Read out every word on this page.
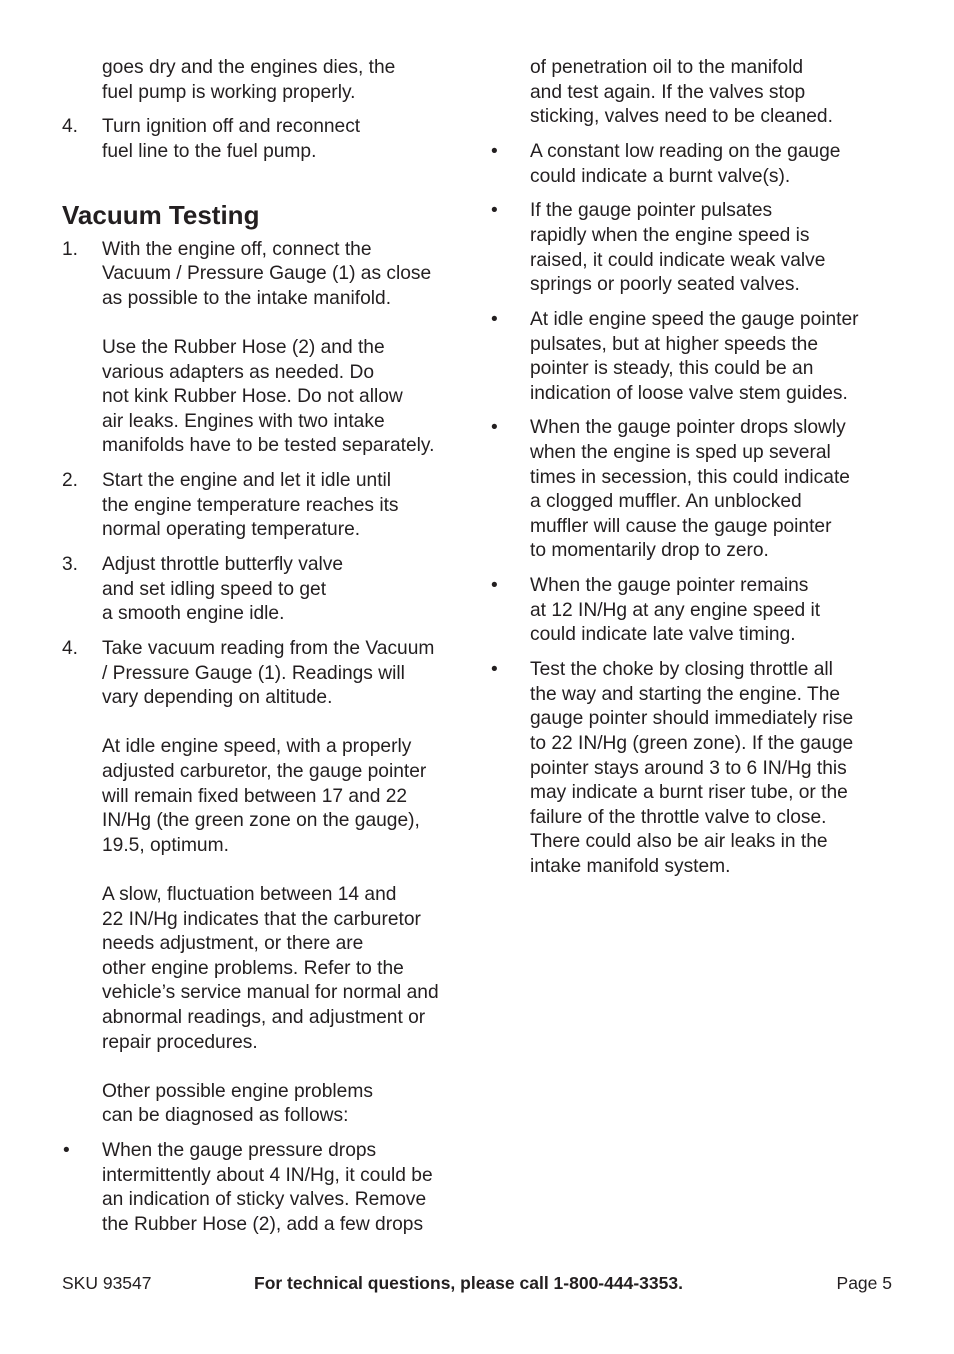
goes dry and the engines dies, the
fuel pump is working properly.
4. Turn ignition off and reconnect
fuel line to the fuel pump.
Vacuum Testing
1. With the engine off, connect the
Vacuum / Pressure Gauge (1) as close
as possible to the intake manifold.
Use the Rubber Hose (2) and the
various adapters as needed. Do
not kink Rubber Hose. Do not allow
air leaks. Engines with two intake
manifolds have to be tested separately.
2. Start the engine and let it idle until
the engine temperature reaches its
normal operating temperature.
3. Adjust throttle butterfly valve
and set idling speed to get
a smooth engine idle.
4. Take vacuum reading from the Vacuum
/ Pressure Gauge (1). Readings will
vary depending on altitude.
At idle engine speed, with a properly
adjusted carburetor, the gauge pointer
will remain fixed between 17 and 22
IN/Hg (the green zone on the gauge),
19.5, optimum.
A slow, fluctuation between 14 and
22 IN/Hg indicates that the carburetor
needs adjustment, or there are
other engine problems. Refer to the
vehicle’s service manual for normal and
abnormal readings, and adjustment or
repair procedures.
Other possible engine problems
can be diagnosed as follows:
• When the gauge pressure drops
intermittently about 4 IN/Hg, it could be
an indication of sticky valves. Remove
the Rubber Hose (2), add a few drops
of penetration oil to the manifold
and test again. If the valves stop
sticking, valves need to be cleaned.
• A constant low reading on the gauge
could indicate a burnt valve(s).
• If the gauge pointer pulsates
rapidly when the engine speed is
raised, it could indicate weak valve
springs or poorly seated valves.
• At idle engine speed the gauge pointer
pulsates, but at higher speeds the
pointer is steady, this could be an
indication of loose valve stem guides.
• When the gauge pointer drops slowly
when the engine is sped up several
times in secession, this could indicate
a clogged muffler. An unblocked
muffler will cause the gauge pointer
to momentarily drop to zero.
• When the gauge pointer remains
at 12 IN/Hg at any engine speed it
could indicate late valve timing.
• Test the choke by closing throttle all
the way and starting the engine. The
gauge pointer should immediately rise
to 22 IN/Hg (green zone). If the gauge
pointer stays around 3 to 6 IN/Hg this
may indicate a burnt riser tube, or the
failure of the throttle valve to close.
There could also be air leaks in the
intake manifold system.
SKU 93547	For technical questions, please call 1-800-444-3353.	Page 5
